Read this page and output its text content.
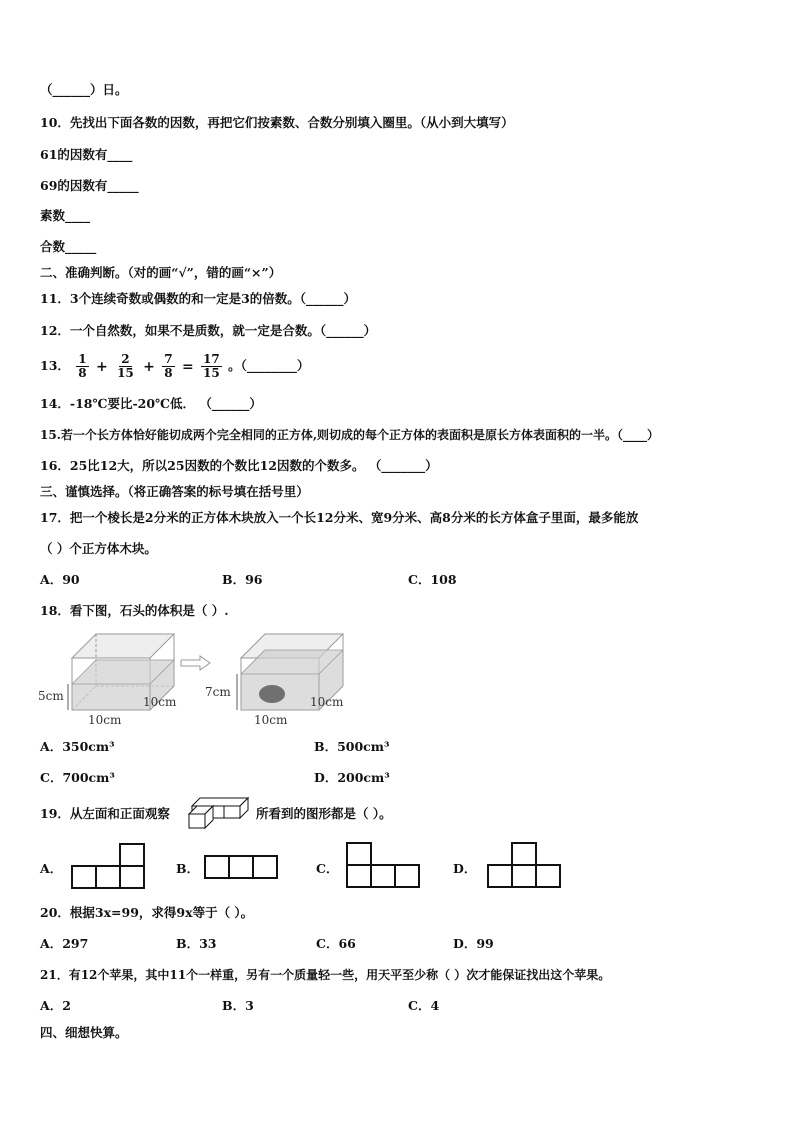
（______）日。
10．先找出下面各数的因数，再把它们按素数、合数分别填入圈里。（从小到大填写）
61的因数有____
69的因数有_____
素数____
合数_____
二、准确判断。（对的画“√”，错的画“×”）
11．3个连续奇数或偶数的和一定是3的倍数。（______）
12．一个自然数，如果不是质数，就一定是合数。（______）
13． $\frac{1}{8} + \frac{2}{15} + \frac{7}{8} = \frac{17}{15}$ 。（________）
14．-18℃要比-20℃低． （______）
15.若一个长方体恰好能切成两个完全相同的正方体,则切成的每个正方体的表面积是原长方体表面积的一半。（____）
16．25比12大，所以25因数的个数比12因数的个数多。 （_______）
三、谨慎选择。（将正确答案的标号填在括号里）
17．把一个棱长是2分米的正方体木块放入一个长12分米、宽9分米、高8分米的长方体盒子里面，最多能放
（ ）个正方体木块。
A．90	B．96	C．108
18．看下图，石头的体积是（ ）.
5cm
10cm
10cm
7cm
10cm
10cm
A．350cm³	B．500cm³
C．700cm³	D．200cm³
19．从左面和正面观察	所看到的图形都是（ ）。
A．	B．	C．	D．
20．根据3x=99，求得9x等于（ ）。
A．297	B．33	C．66	D．99
21．有12个苹果，其中11个一样重，另有一个质量轻一些，用天平至少称（ ）次才能保证找出这个苹果。
A．2	B．3	C．4
四、细想快算。
